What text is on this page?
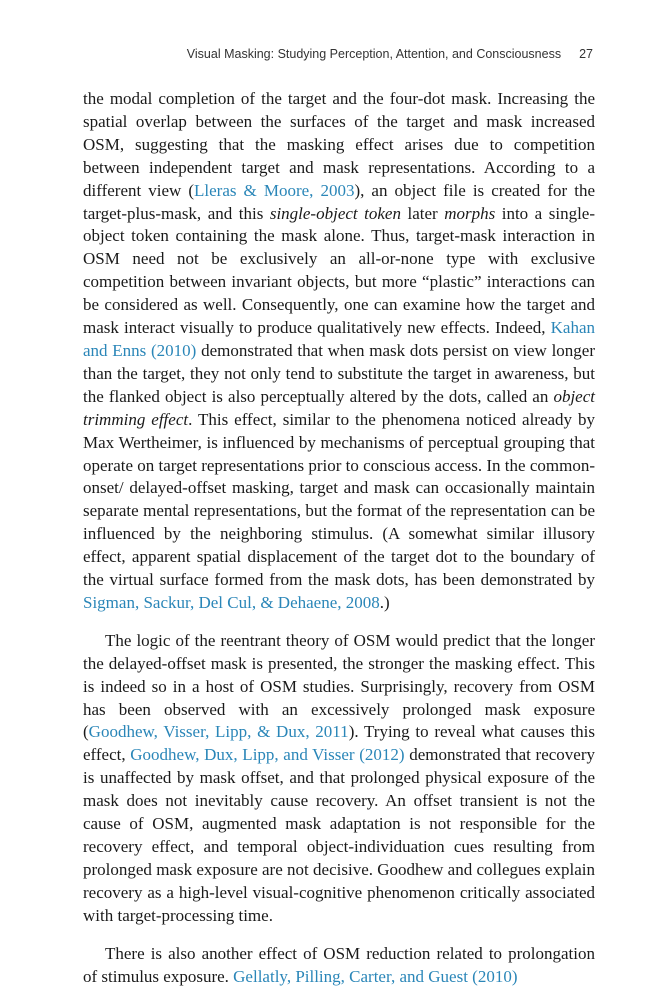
Visual Masking: Studying Perception, Attention, and Consciousness 27

the modal completion of the target and the four-dot mask. Increasing the spatial overlap between the surfaces of the target and mask increased OSM, suggesting that the masking effect arises due to competition between independent target and mask representations. According to a different view (Lleras & Moore, 2003), an object file is created for the target-plus-mask, and this single-object token later morphs into a single-object token containing the mask alone. Thus, target-mask interaction in OSM need not be exclusively an all-or-none type with exclusive competition between invariant objects, but more “plastic” interactions can be considered as well. Consequently, one can examine how the target and mask interact visually to produce qualitatively new effects. Indeed, Kahan and Enns (2010) demonstrated that when mask dots persist on view longer than the target, they not only tend to substitute the target in awareness, but the flanked object is also perceptually altered by the dots, called an object trimming effect. This effect, similar to the phenomena noticed already by Max Wertheimer, is influenced by mechanisms of perceptual grouping that operate on target representations prior to conscious access. In the common-onset/ delayed-offset masking, target and mask can occasionally maintain separate mental representations, but the format of the representation can be influenced by the neighboring stimulus. (A somewhat similar illusory effect, apparent spatial displacement of the target dot to the boundary of the virtual surface formed from the mask dots, has been demonstrated by Sigman, Sackur, Del Cul, & Dehaene, 2008.)

The logic of the reentrant theory of OSM would predict that the longer the delayed-offset mask is presented, the stronger the masking effect. This is indeed so in a host of OSM studies. Surprisingly, recovery from OSM has been observed with an excessively prolonged mask exposure (Goodhew, Visser, Lipp, & Dux, 2011). Trying to reveal what causes this effect, Goodhew, Dux, Lipp, and Visser (2012) demonstrated that recovery is unaffected by mask offset, and that prolonged physical exposure of the mask does not inevitably cause recovery. An offset transient is not the cause of OSM, augmented mask adaptation is not responsible for the recovery effect, and temporal object-individuation cues resulting from prolonged mask exposure are not decisive. Goodhew and collegues explain recovery as a high-level visual-cognitive phenomenon critically associated with target-processing time.

There is also another effect of OSM reduction related to prolongation of stimulus exposure. Gellatly, Pilling, Carter, and Guest (2010)
